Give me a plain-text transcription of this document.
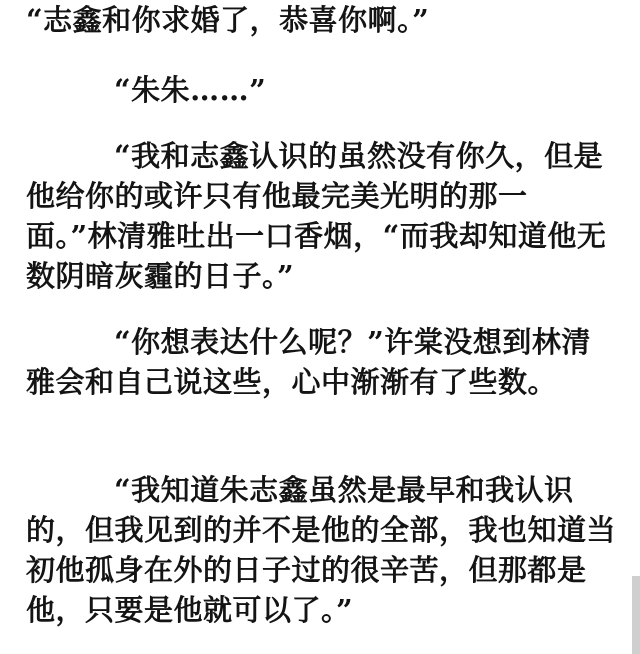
“志鑫和你求婚了，恭喜你啊。”

“朱朱……”

“我和志鑫认识的虽然没有你久，但是他给你的或许只有他最完美光明的那一面。”林清雅吐出一口香烟，“而我却知道他无数阴暗灰霾的日子。”

“你想表达什么呢？”许棠没想到林清雅会和自己说这些，心中渐渐有了些数。

“我知道朱志鑫虽然是最早和我认识的，但我见到的并不是他的全部，我也知道当初他孤身在外的日子过的很辛苦，但那都是他，只要是他就可以了。”
